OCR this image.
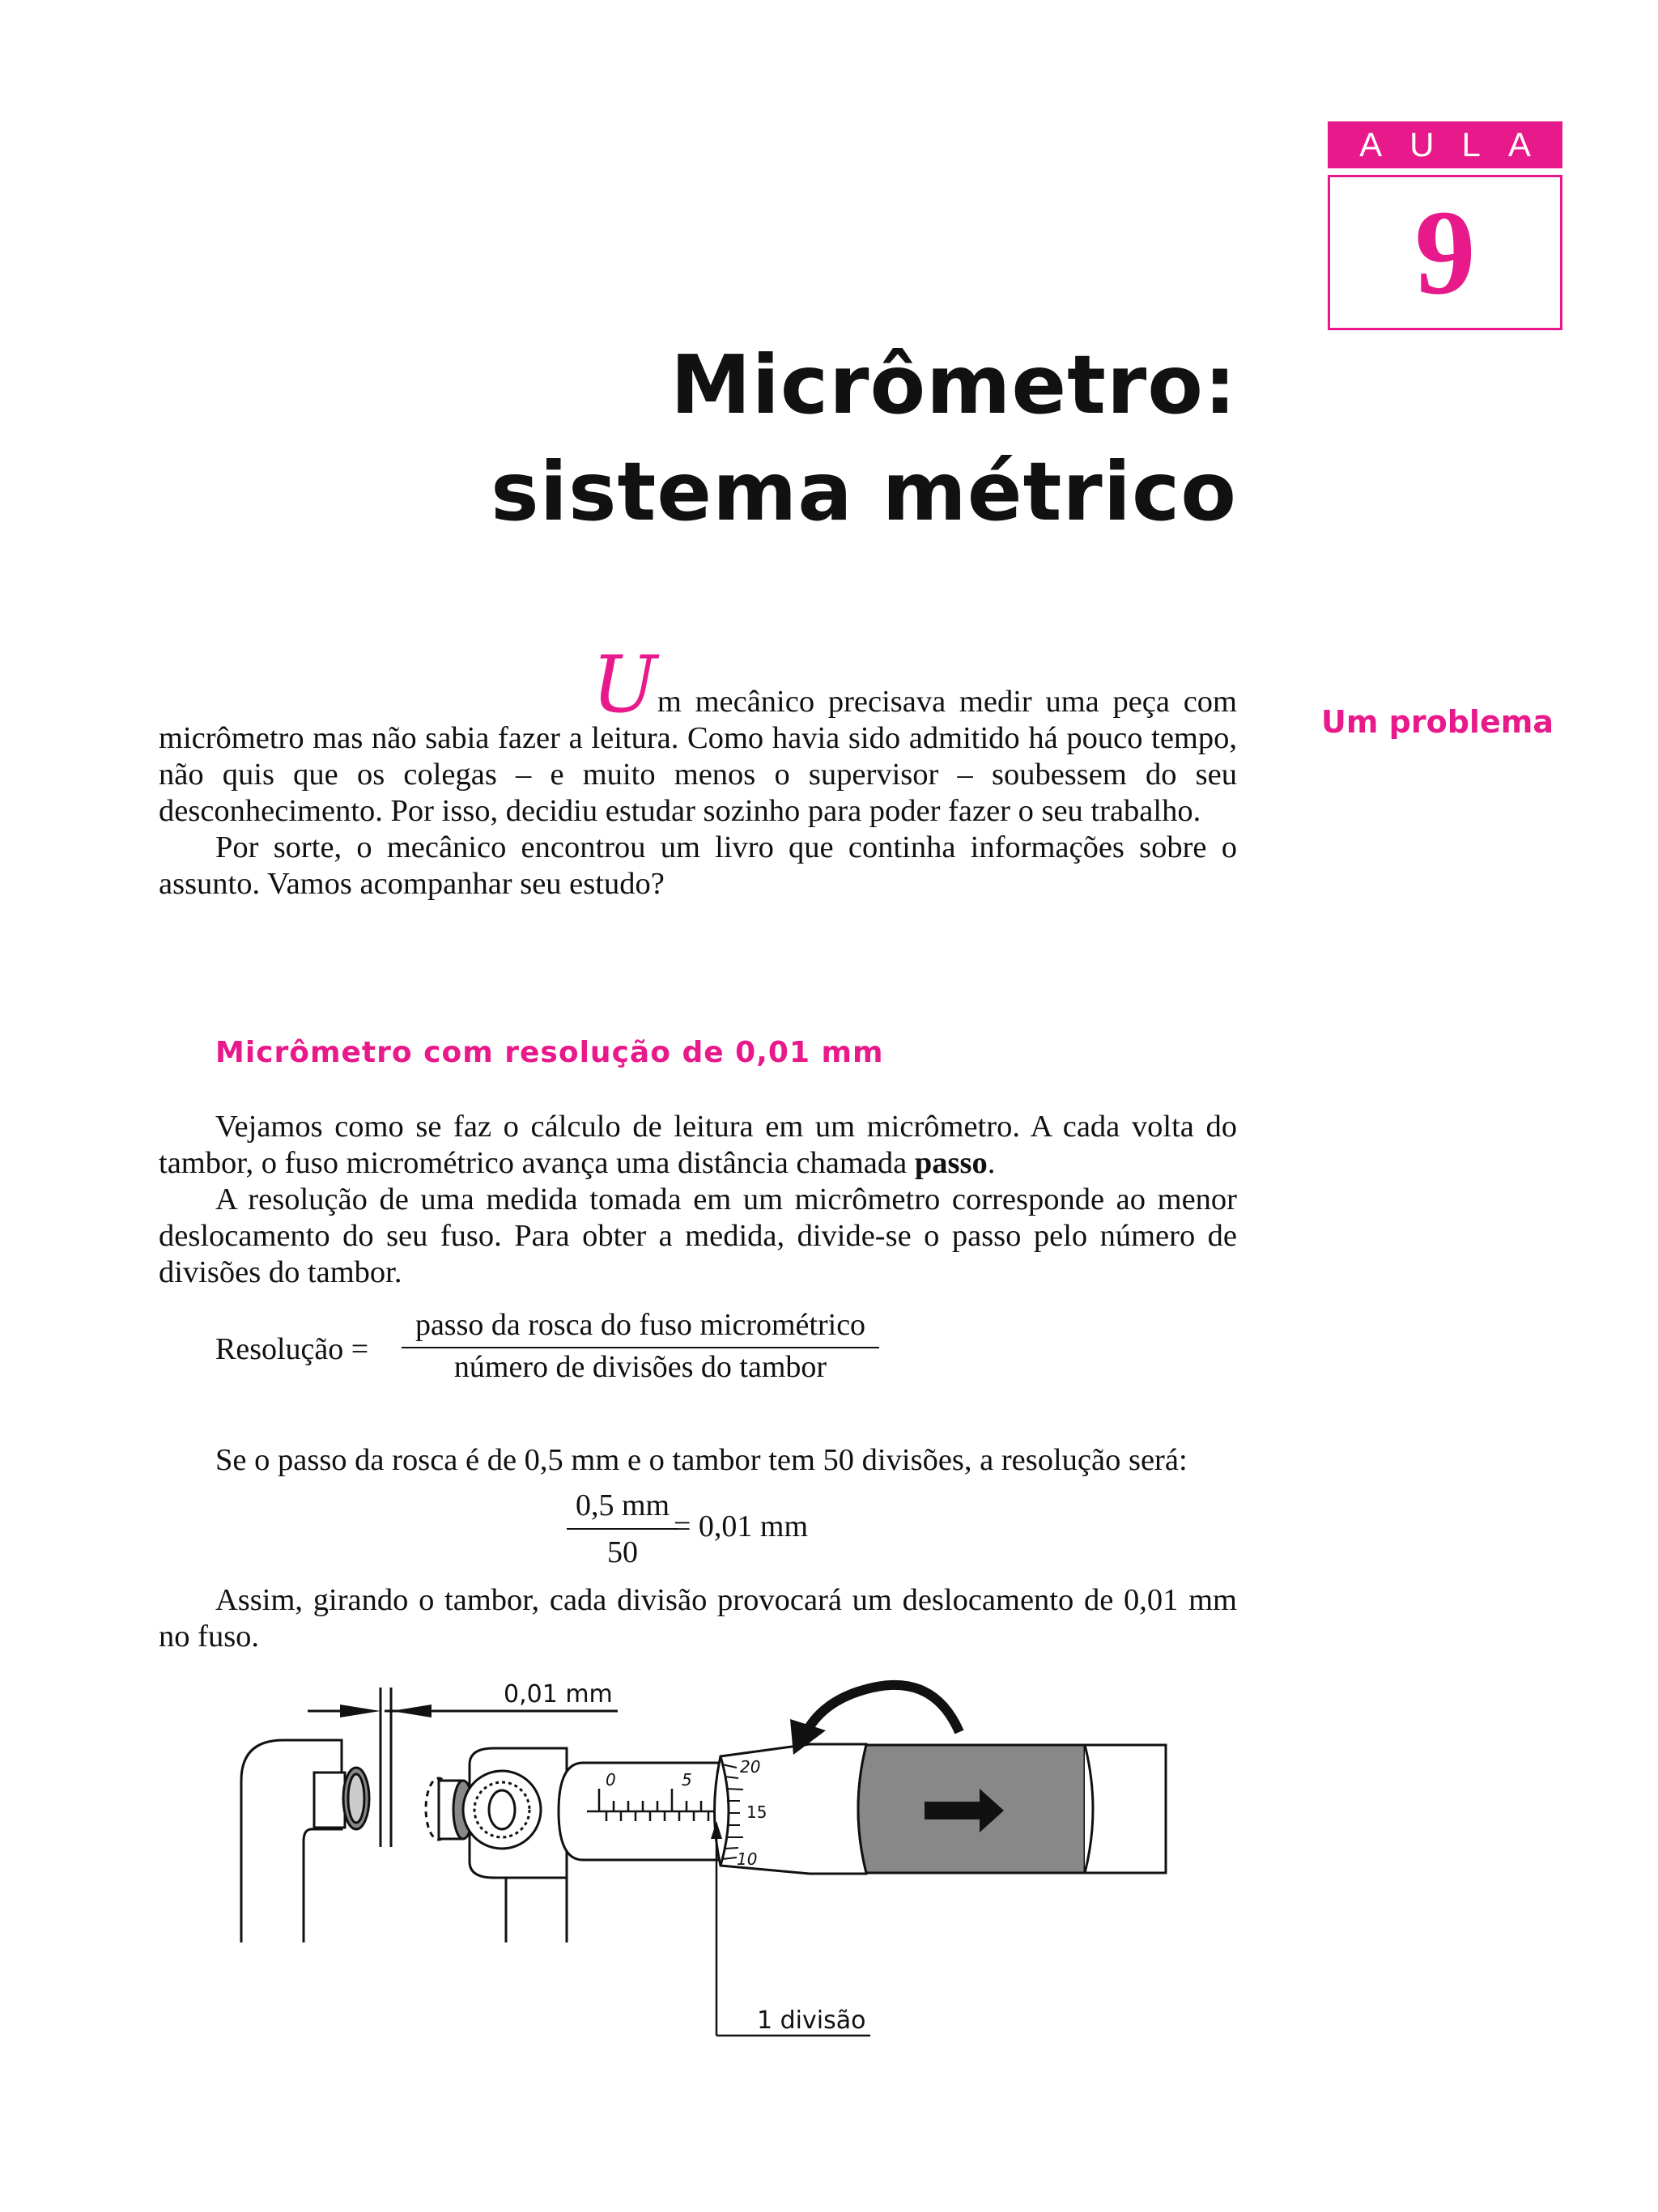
AULA
9
Micrômetro:
sistema métrico
Um problema

Um mecânico precisava medir uma peça com micrômetro mas não sabia fazer a leitura. Como havia sido admitido há pouco tempo, não quis que os colegas – e muito menos o supervisor – soubessem do seu desconhecimento. Por isso, decidiu estudar sozinho para poder fazer o seu trabalho.

Por sorte, o mecânico encontrou um livro que continha informações sobre o assunto. Vamos acompanhar seu estudo?

Micrômetro com resolução de 0,01 mm

Vejamos como se faz o cálculo de leitura em um micrômetro. A cada volta do tambor, o fuso micrométrico avança uma distância chamada passo.

A resolução de uma medida tomada em um micrômetro corresponde ao menor deslocamento do seu fuso. Para obter a medida, divide-se o passo pelo número de divisões do tambor.

Resolução =
passo da rosca do fuso micrométrico
número de divisões do tambor

Se o passo da rosca é de 0,5 mm e o tambor tem 50 divisões, a resolução será:

0,5 mm
50
= 0,01 mm

Assim, girando o tambor, cada divisão provocará um deslocamento de 0,01 mm no fuso.

0,01 mm
0	5
20
15
10
1 divisão
